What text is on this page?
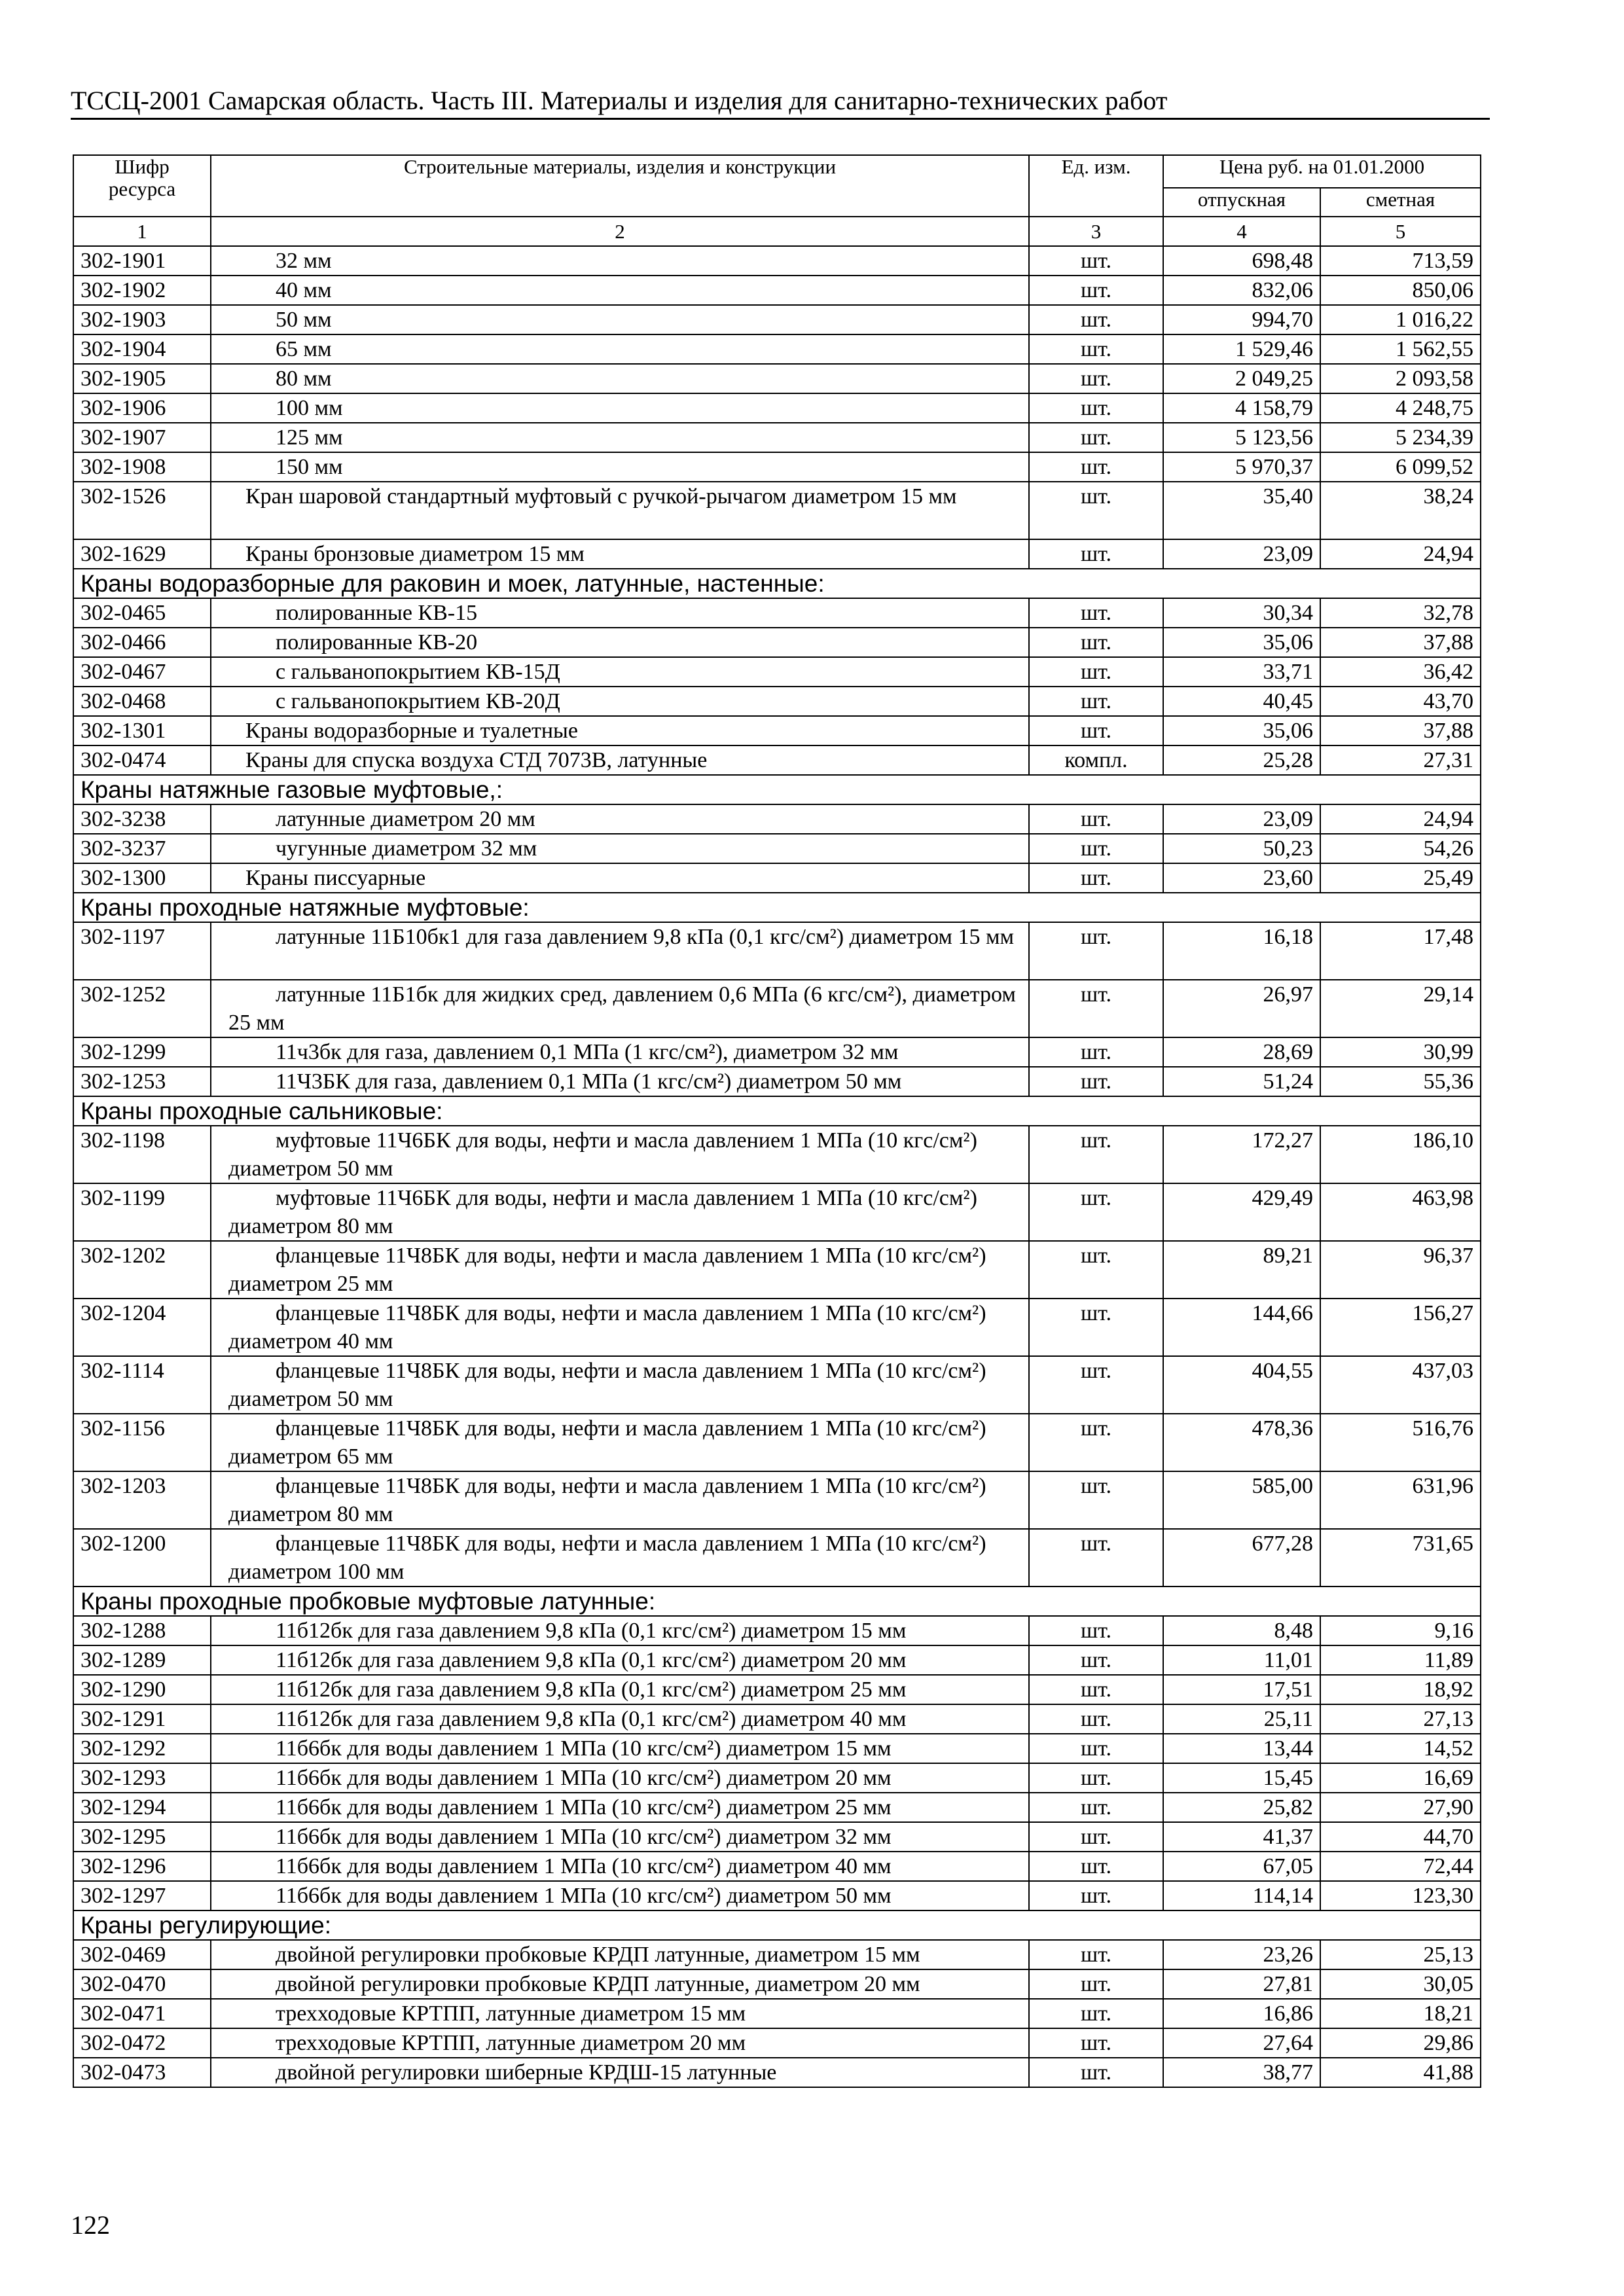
ТССЦ-2001 Самарская область. Часть III. Материалы и изделия для санитарно-технических работ
Шифр ресурса	Строительные материалы, изделия и конструкции	Ед. изм.	Цена руб. на 01.01.2000	
			отпускная	сметная
1	2	3	4	5
302-1901	32 мм	шт.	698,48	713,59
302-1902	40 мм	шт.	832,06	850,06
302-1903	50 мм	шт.	994,70	1 016,22
302-1904	65 мм	шт.	1 529,46	1 562,55
302-1905	80 мм	шт.	2 049,25	2 093,58
302-1906	100 мм	шт.	4 158,79	4 248,75
302-1907	125 мм	шт.	5 123,56	5 234,39
302-1908	150 мм	шт.	5 970,37	6 099,52
302-1526	Кран шаровой стандартный муфтовый с ручкой-рычагом диаметром 15 мм	шт.	35,40	38,24
302-1629	Краны бронзовые диаметром 15 мм	шт.	23,09	24,94
Краны водоразборные для раковин и моек, латунные, настенные:				
302-0465	полированные КВ-15	шт.	30,34	32,78
302-0466	полированные КВ-20	шт.	35,06	37,88
302-0467	с гальванопокрытием КВ-15Д	шт.	33,71	36,42
302-0468	с гальванопокрытием КВ-20Д	шт.	40,45	43,70
302-1301	Краны водоразборные и туалетные	шт.	35,06	37,88
302-0474	Краны для спуска воздуха СТД 7073В, латунные	компл.	25,28	27,31
Краны натяжные газовые муфтовые,:				
302-3238	латунные диаметром 20 мм	шт.	23,09	24,94
302-3237	чугунные диаметром 32 мм	шт.	50,23	54,26
302-1300	Краны писсуарные	шт.	23,60	25,49
Краны проходные натяжные муфтовые:				
302-1197	латунные 11Б10бк1 для газа давлением 9,8 кПа (0,1 кгс/см²) диаметром 15 мм	шт.	16,18	17,48
302-1252	латунные 11Б1бк для жидких сред, давлением 0,6 МПа (6 кгс/см²), диаметром 25 мм	шт.	26,97	29,14
302-1299	11ч3бк для газа, давлением 0,1 МПа (1 кгс/см²), диаметром 32 мм	шт.	28,69	30,99
302-1253	11Ч3БК для газа, давлением 0,1 МПа (1 кгс/см²) диаметром 50 мм	шт.	51,24	55,36
Краны проходные сальниковые:				
302-1198	муфтовые 11Ч6БК для воды, нефти и масла давлением 1 МПа (10 кгс/см²) диаметром 50 мм	шт.	172,27	186,10
302-1199	муфтовые 11Ч6БК для воды, нефти и масла давлением 1 МПа (10 кгс/см²) диаметром 80 мм	шт.	429,49	463,98
302-1202	фланцевые 11Ч8БК для воды, нефти и масла давлением 1 МПа (10 кгс/см²) диаметром 25 мм	шт.	89,21	96,37
302-1204	фланцевые 11Ч8БК для воды, нефти и масла давлением 1 МПа (10 кгс/см²) диаметром 40 мм	шт.	144,66	156,27
302-1114	фланцевые 11Ч8БК для воды, нефти и масла давлением 1 МПа (10 кгс/см²) диаметром 50 мм	шт.	404,55	437,03
302-1156	фланцевые 11Ч8БК для воды, нефти и масла давлением 1 МПа (10 кгс/см²) диаметром 65 мм	шт.	478,36	516,76
302-1203	фланцевые 11Ч8БК для воды, нефти и масла давлением 1 МПа (10 кгс/см²) диаметром 80 мм	шт.	585,00	631,96
302-1200	фланцевые 11Ч8БК для воды, нефти и масла давлением 1 МПа (10 кгс/см²) диаметром 100 мм	шт.	677,28	731,65
Краны проходные пробковые муфтовые латунные:				
302-1288	11б12бк для газа давлением 9,8 кПа (0,1 кгс/см²) диаметром 15 мм	шт.	8,48	9,16
302-1289	11б12бк для газа давлением 9,8 кПа (0,1 кгс/см²) диаметром 20 мм	шт.	11,01	11,89
302-1290	11б12бк для газа давлением 9,8 кПа (0,1 кгс/см²) диаметром 25 мм	шт.	17,51	18,92
302-1291	11б12бк для газа давлением 9,8 кПа (0,1 кгс/см²) диаметром 40 мм	шт.	25,11	27,13
302-1292	11б6бк для воды давлением 1 МПа (10 кгс/см²) диаметром 15 мм	шт.	13,44	14,52
302-1293	11б6бк для воды давлением 1 МПа (10 кгс/см²) диаметром 20 мм	шт.	15,45	16,69
302-1294	11б6бк для воды давлением 1 МПа (10 кгс/см²) диаметром 25 мм	шт.	25,82	27,90
302-1295	11б6бк для воды давлением 1 МПа (10 кгс/см²) диаметром 32 мм	шт.	41,37	44,70
302-1296	11б6бк для воды давлением 1 МПа (10 кгс/см²) диаметром 40 мм	шт.	67,05	72,44
302-1297	11б6бк для воды давлением 1 МПа (10 кгс/см²) диаметром 50 мм	шт.	114,14	123,30
Краны регулирующие:				
302-0469	двойной регулировки пробковые КРДП латунные, диаметром 15 мм	шт.	23,26	25,13
302-0470	двойной регулировки пробковые КРДП латунные, диаметром 20 мм	шт.	27,81	30,05
302-0471	трехходовые КРТПП, латунные диаметром 15 мм	шт.	16,86	18,21
302-0472	трехходовые КРТПП, латунные диаметром 20 мм	шт.	27,64	29,86
302-0473	двойной регулировки шиберные КРДШ-15 латунные	шт.	38,77	41,88
122
